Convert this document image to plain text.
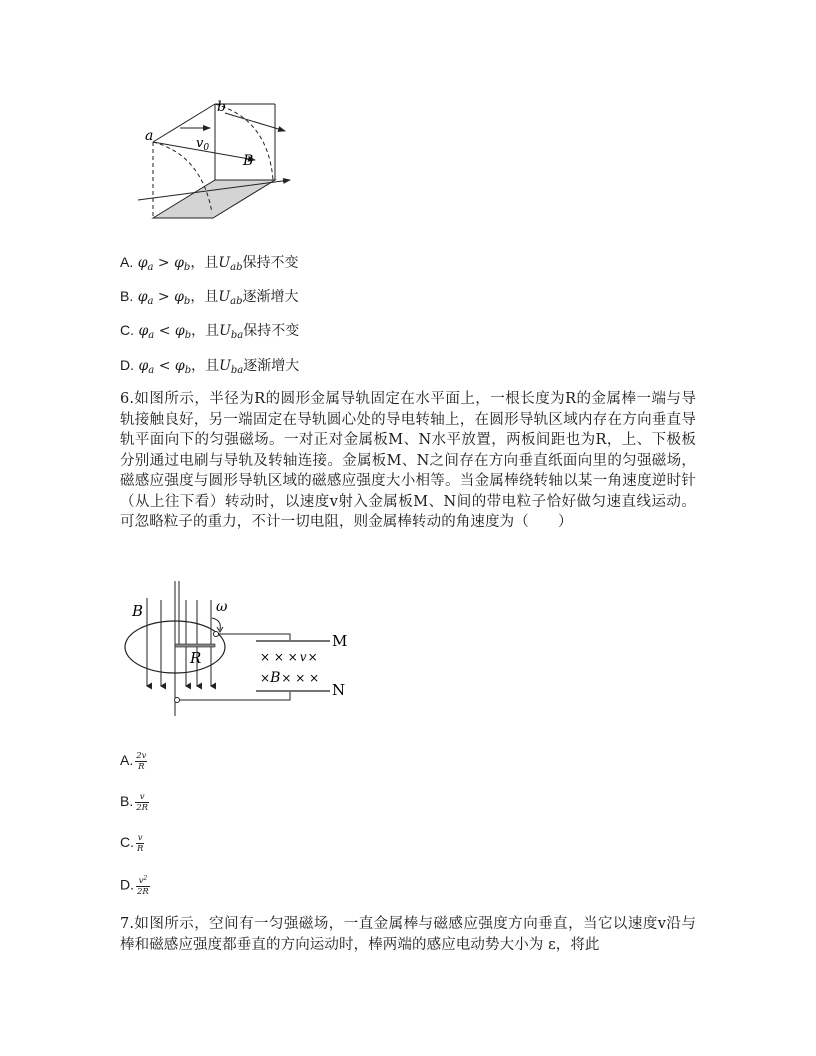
a
b
$v_0$
B
A. $\varphi_a > \varphi_b$，且$U_{ab}$保持不变
B. $\varphi_a > \varphi_b$，且$U_{ab}$逐渐增大
C. $\varphi_a < \varphi_b$，且$U_{ba}$保持不变
D. $\varphi_a < \varphi_b$，且$U_{ba}$逐渐增大
6.如图所示，半径为R的圆形金属导轨固定在水平面上，一根长度为R的金属棒一端与导轨接触良好，另一端固定在导轨圆心处的导电转轴上，在圆形导轨区域内存在方向垂直导轨平面向下的匀强磁场。一对正对金属板M、N水平放置，两板间距也为R，上、下极板分别通过电刷与导轨及转轴连接。金属板M、N之间存在方向垂直纸面向里的匀强磁场，磁感应强度与圆形导轨区域的磁感应强度大小相等。当金属棒绕转轴以某一角速度逆时针（从上往下看）转动时，以速度v射入金属板M、N间的带电粒子恰好做匀速直线运动。可忽略粒子的重力，不计一切电阻，则金属棒转动的角速度为（　　）
B	ω
R
M
N
× × × v×
×B× × ×
A. $\frac{2v}{R}$
B. $\frac{v}{2R}$
C. $\frac{v}{R}$
D. $\frac{v^2}{2R}$
7.如图所示，空间有一匀强磁场，一直金属棒与磁感应强度方向垂直，当它以速度v沿与棒和磁感应强度都垂直的方向运动时，棒两端的感应电动势大小为 ε，将此
